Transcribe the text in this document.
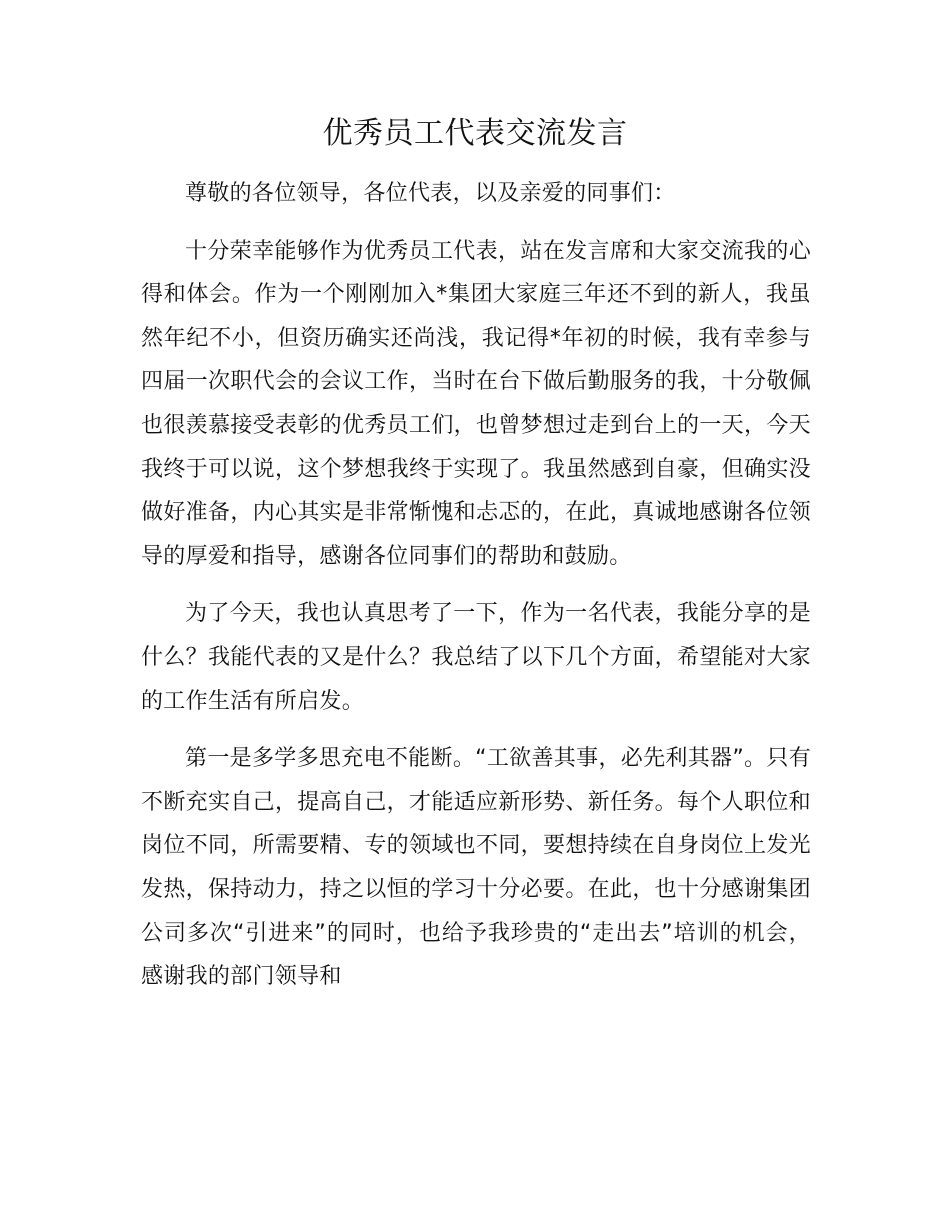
优秀员工代表交流发言

尊敬的各位领导，各位代表，以及亲爱的同事们：

十分荣幸能够作为优秀员工代表，站在发言席和大家交流我的心得和体会。作为一个刚刚加入*集团大家庭三年还不到的新人，我虽然年纪不小，但资历确实还尚浅，我记得*年初的时候，我有幸参与四届一次职代会的会议工作，当时在台下做后勤服务的我，十分敬佩也很羡慕接受表彰的优秀员工们，也曾梦想过走到台上的一天，今天我终于可以说，这个梦想我终于实现了。我虽然感到自豪，但确实没做好准备，内心其实是非常惭愧和忐忑的，在此，真诚地感谢各位领导的厚爱和指导，感谢各位同事们的帮助和鼓励。

为了今天，我也认真思考了一下，作为一名代表，我能分享的是什么？我能代表的又是什么？我总结了以下几个方面，希望能对大家的工作生活有所启发。

第一是多学多思充电不能断。“工欲善其事，必先利其器”。只有不断充实自己，提高自己，才能适应新形势、新任务。每个人职位和岗位不同，所需要精、专的领域也不同，要想持续在自身岗位上发光发热，保持动力，持之以恒的学习十分必要。在此，也十分感谢集团公司多次“引进来”的同时，也给予我珍贵的“走出去”培训的机会，感谢我的部门领导和
